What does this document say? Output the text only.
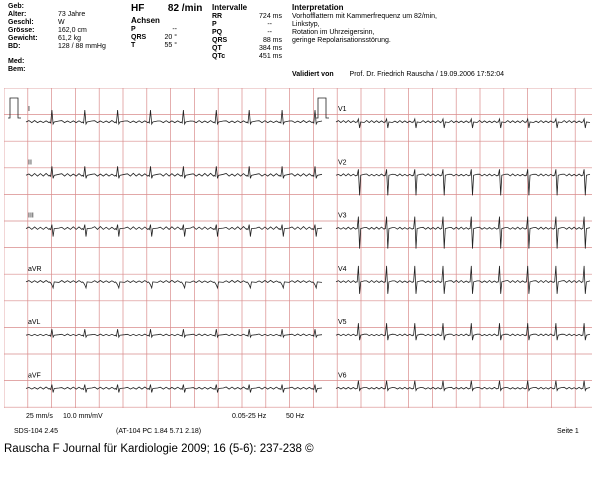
Geb:
Alter:	73 Jahre
Geschl:	W
Grösse:	162,0 cm
Gewicht:	61,2 kg
BD:	128 / 88 mmHg
Med:
Bem:
HF 82 /min
Achsen
P	--
QRS	20 °
T	55 °
Intervalle
RR	724 ms
P	--
PQ	--
QRS	88 ms
QT	384 ms
QTc	451 ms
Interpretation
Vorhofflattern mit Kammerfrequenz um 82/min,
Linkstyp,
Rotation im Uhrzeigersinn,
geringe Repolarisationsstörung.
Validiert von Prof. Dr. Friedrich Rauscha / 19.09.2006 17:52:04
I	V1
II	V2
III	V3
aVR	V4
aVL	V5
aVF	V6
25 mm/s 10.0 mm/mV	0.05-25 Hz	50 Hz
SDS-104 2.45	(AT-104 PC 1.84 5.71 2.18)	Seite 1
Rauscha F Journal für Kardiologie 2009; 16 (5-6): 237-238 ©
